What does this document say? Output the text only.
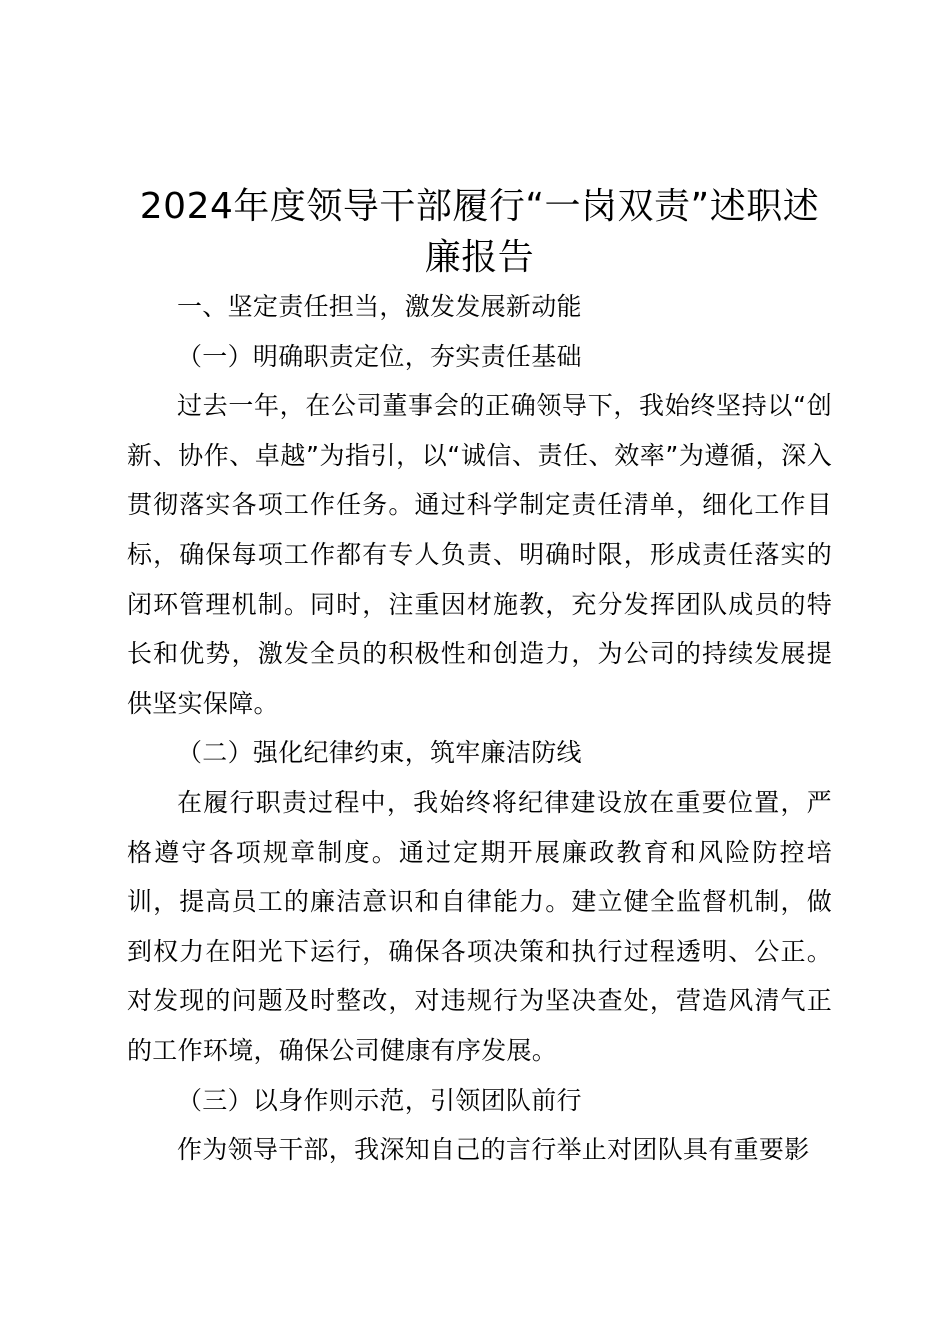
2024年度领导干部履行“一岗双责”述职述廉报告

一、坚定责任担当，激发发展新动能

（一）明确职责定位，夯实责任基础

过去一年，在公司董事会的正确领导下，我始终坚持以“创新、协作、卓越”为指引，以“诚信、责任、效率”为遵循，深入贯彻落实各项工作任务。通过科学制定责任清单，细化工作目标，确保每项工作都有专人负责、明确时限，形成责任落实的闭环管理机制。同时，注重因材施教，充分发挥团队成员的特长和优势，激发全员的积极性和创造力，为公司的持续发展提供坚实保障。

（二）强化纪律约束，筑牢廉洁防线

在履行职责过程中，我始终将纪律建设放在重要位置，严格遵守各项规章制度。通过定期开展廉政教育和风险防控培训，提高员工的廉洁意识和自律能力。建立健全监督机制，做到权力在阳光下运行，确保各项决策和执行过程透明、公正。对发现的问题及时整改，对违规行为坚决查处，营造风清气正的工作环境，确保公司健康有序发展。

（三）以身作则示范，引领团队前行

作为领导干部，我深知自己的言行举止对团队具有重要影
